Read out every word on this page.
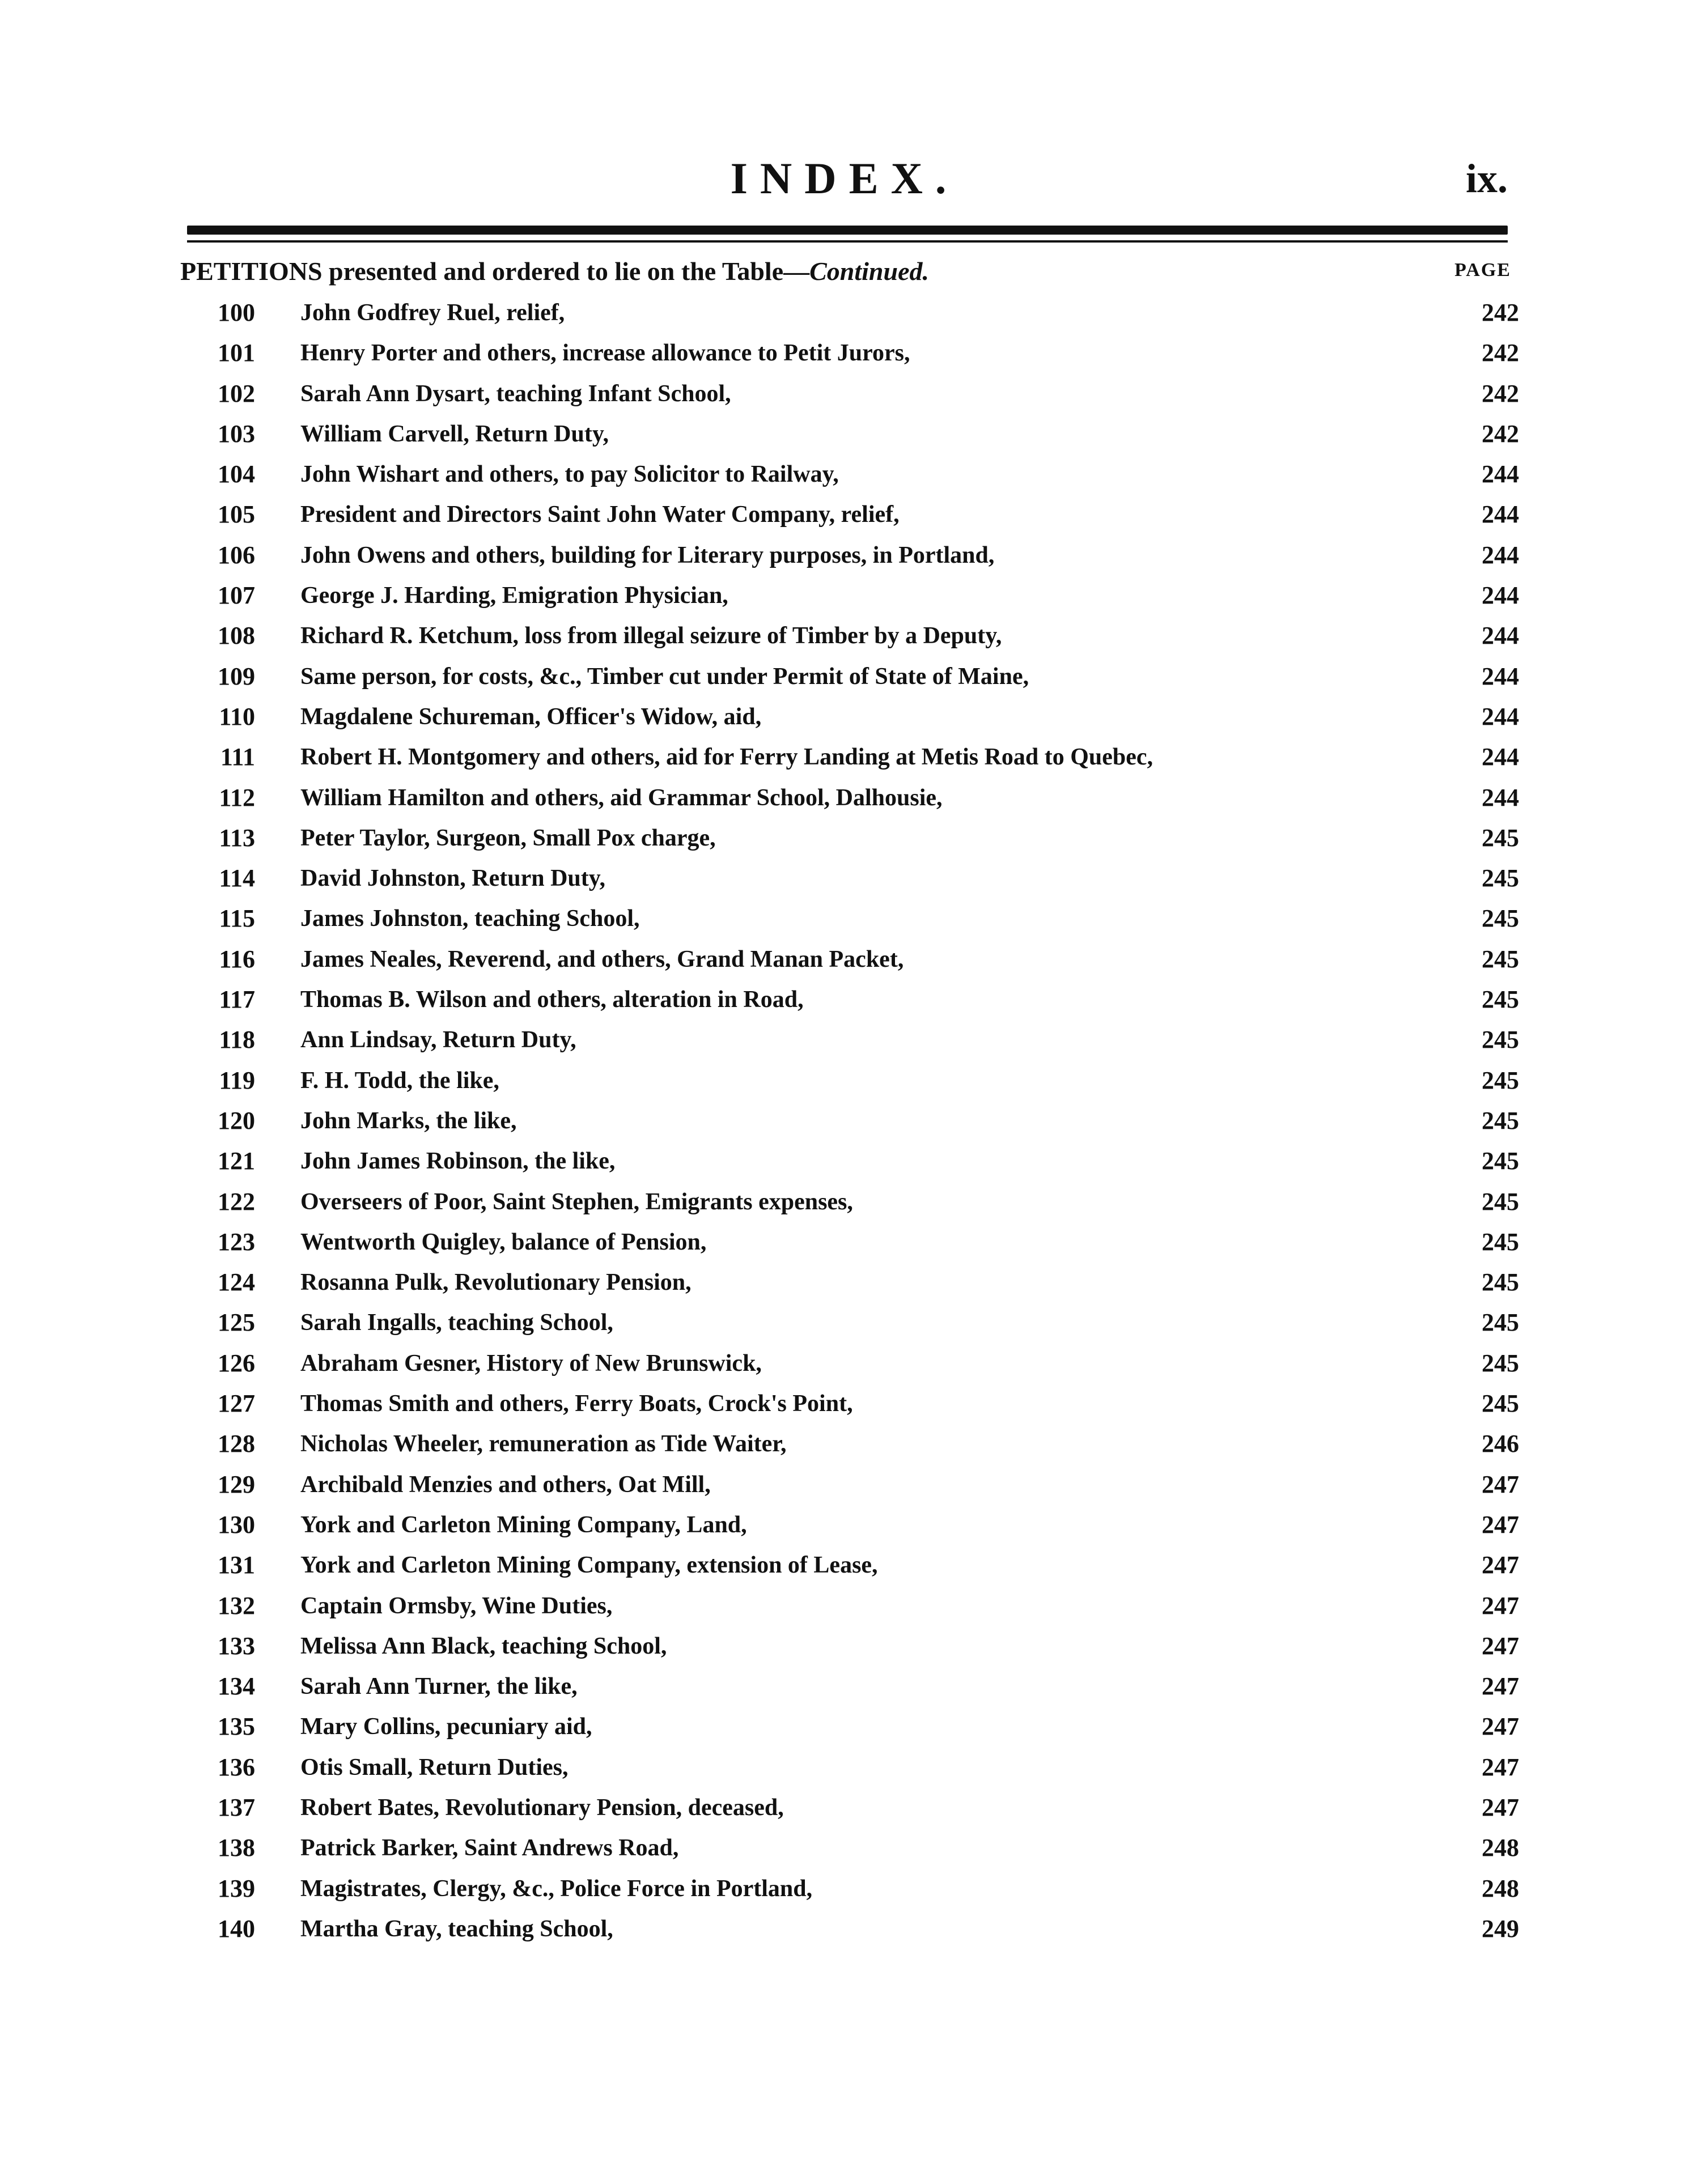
INDEX.	ix.
PETITIONS presented and ordered to lie on the Table—Continued.	PAGE
100 John Godfrey Ruel, relief,	242
101 Henry Porter and others, increase allowance to Petit Jurors,	242
102 Sarah Ann Dysart, teaching Infant School,	242
103 William Carvell, Return Duty,	242
104 John Wishart and others, to pay Solicitor to Railway,	244
105 President and Directors Saint John Water Company, relief,	244
106 John Owens and others, building for Literary purposes, in Portland,	244
107 George J. Harding, Emigration Physician,	244
108 Richard R. Ketchum, loss from illegal seizure of Timber by a Deputy,	244
109 Same person, for costs, &c., Timber cut under Permit of State of Maine,	244
110 Magdalene Schureman, Officer's Widow, aid,	244
111 Robert H. Montgomery and others, aid for Ferry Landing at Metis Road to Quebec,	244
112 William Hamilton and others, aid Grammar School, Dalhousie,	244
113 Peter Taylor, Surgeon, Small Pox charge,	245
114 David Johnston, Return Duty,	245
115 James Johnston, teaching School,	245
116 James Neales, Reverend, and others, Grand Manan Packet,	245
117 Thomas B. Wilson and others, alteration in Road,	245
118 Ann Lindsay, Return Duty,	245
119 F. H. Todd, the like,	245
120 John Marks, the like,	245
121 John James Robinson, the like,	245
122 Overseers of Poor, Saint Stephen, Emigrants expenses,	245
123 Wentworth Quigley, balance of Pension,	245
124 Rosanna Pulk, Revolutionary Pension,	245
125 Sarah Ingalls, teaching School,	245
126 Abraham Gesner, History of New Brunswick,	245
127 Thomas Smith and others, Ferry Boats, Crock's Point,	245
128 Nicholas Wheeler, remuneration as Tide Waiter,	246
129 Archibald Menzies and others, Oat Mill,	247
130 York and Carleton Mining Company, Land,	247
131 York and Carleton Mining Company, extension of Lease,	247
132 Captain Ormsby, Wine Duties,	247
133 Melissa Ann Black, teaching School,	247
134 Sarah Ann Turner, the like,	247
135 Mary Collins, pecuniary aid,	247
136 Otis Small, Return Duties,	247
137 Robert Bates, Revolutionary Pension, deceased,	247
138 Patrick Barker, Saint Andrews Road,	248
139 Magistrates, Clergy, &c., Police Force in Portland,	248
140 Martha Gray, teaching School,	249
